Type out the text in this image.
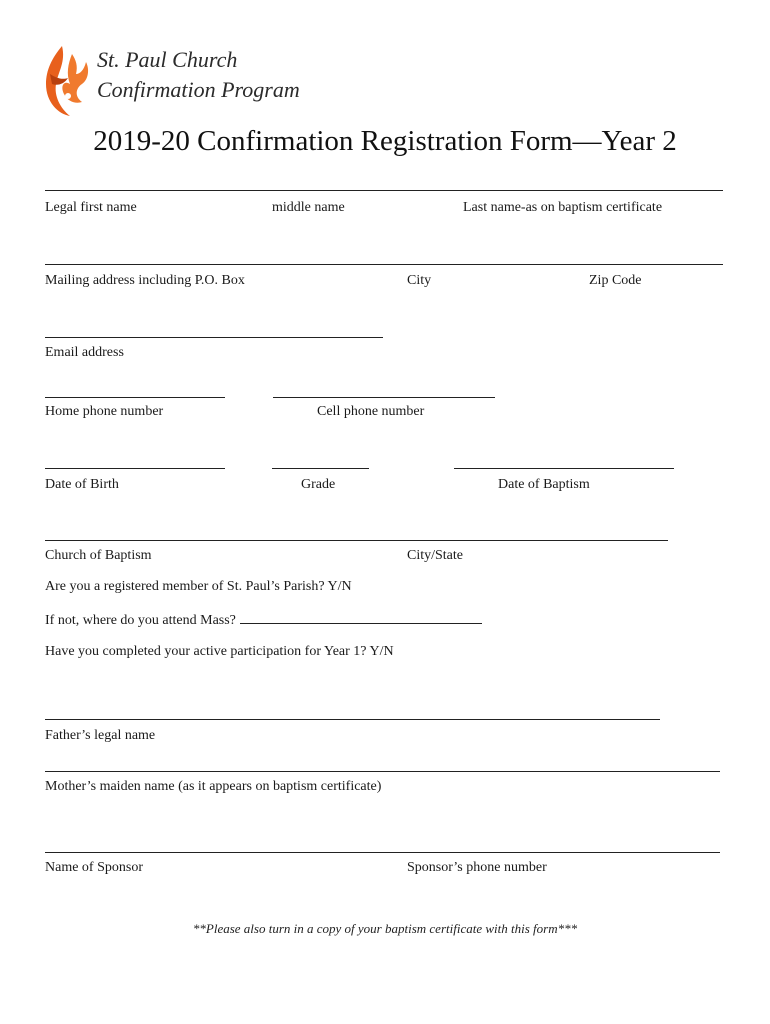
St. Paul Church
Confirmation Program
2019-20 Confirmation Registration Form—Year 2
Legal first name	middle name	Last name-as on baptism certificate
Mailing address including P.O. Box	City	Zip Code
Email address
Home phone number	Cell phone number
Date of Birth	Grade	Date of Baptism
Church of Baptism	City/State
Are you a registered member of St. Paul’s Parish? Y/N
If not, where do you attend Mass?
Have you completed your active participation for Year 1? Y/N
Father’s legal name
Mother’s maiden name (as it appears on baptism certificate)
Name of Sponsor	Sponsor’s phone number
**Please also turn in a copy of your baptism certificate with this form***
